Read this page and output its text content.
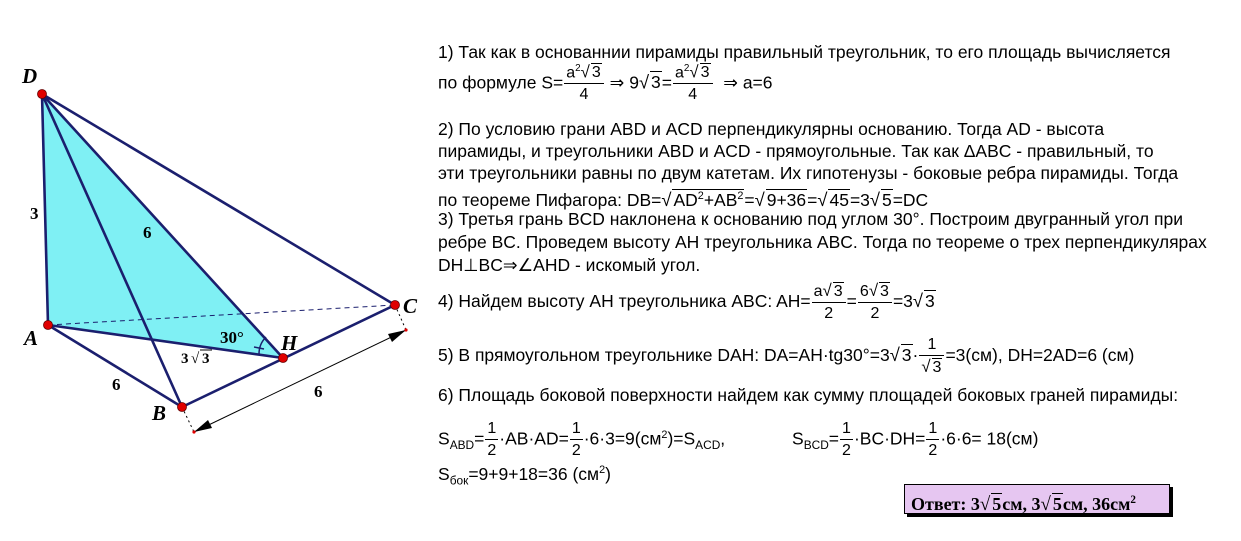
D
A
B
C
H
3
6
6	6
30°
3 √ 3
1) Так как в основаннии пирамиды правильный треугольник, то его площадь вычисляется
по формуле $S= \frac{a^2√ 3}{4}$ ⇒ 9√ $3= \frac{a^2√ 3}{4}$ ⇒ a=6
2) По условию грани ABD и ACD перпендикулярны основанию. Тогда AD - высота
пирамиды, и треугольники ABD и ACD - прямоугольные. Так как ΔABC - правильный, то
эти треугольники равны по двум катетам. Их гипотенузы - боковые ребра пирамиды. Тогда
по теореме Пифагора: DB=√ $AD^2+AB^2=√$ 9+36=√ 45=3√ 5=DC
3) Третья грань BCD наклонена к основанию под углом 30°. Построим двугранный угол при
ребре BC. Проведем высоту AH треугольника ABC. Тогда по теореме о трех перпендикулярах
DH⊥BC⇒∠AHD - искомый угол.
4) Найдем высоту AH треугольника ABC: $AH= \frac{a√ 3}{2} = \frac{6√ 3}{2} =3√$ 3
5) В прямоугольном треугольнике DAH: DA=AH·tg30°=3√ $3\cdot \frac{1}{√ 3} =3(см)$, DH=2AD=6 (см)
6) Площадь боковой поверхности найдем как сумму площадей боковых граней пирамиды:
$S_{ABD}= \frac{1}{2} \cdot AB\cdot AD= \frac{1}{2} \cdot 6\cdot 3=9(см^2)=S_{ACD}$,	$S_{BCD}= \frac{1}{2} \cdot BC\cdot DH= \frac{1}{2} \cdot 6\cdot 6= 18(см)$
$S_{бок}=9+9+18=36$ $(см^2)$
Ответ: 3√ 5см, 3√ 5см, $36см^2$
